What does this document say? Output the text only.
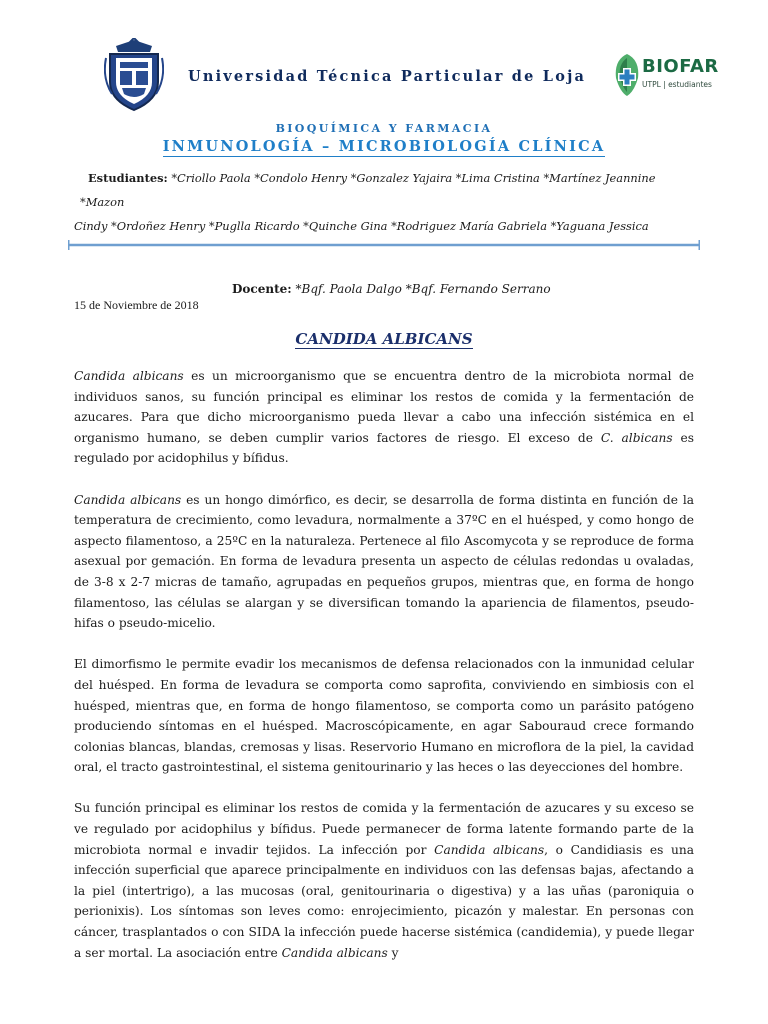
Universidad Técnica Particular de Loja	BIOFAR
UTPL | estudiantes
BIOQUÍMICA Y FARMACIA
INMUNOLOGÍA – MICROBIOLOGÍA CLÍNICA
Estudiantes: *Criollo Paola *Condolo Henry *Gonzalez Yajaira *Lima Cristina *Martínez Jeannine *Mazon
Cindy *Ordoñez Henry *Puglla Ricardo *Quinche Gina *Rodriguez María Gabriela *Yaguana Jessica
Docente: *Bqf. Paola Dalgo *Bqf. Fernando Serrano
15 de Noviembre de 2018
CANDIDA ALBICANS

Candida albicans es un microorganismo que se encuentra dentro de la microbiota normal de individuos sanos, su función principal es eliminar los restos de comida y la fermentación de azucares. Para que dicho microorganismo pueda llevar a cabo una infección sistémica en el organismo humano, se deben cumplir varios factores de riesgo. El exceso de C. albicans es regulado por acidophilus y bífidus.

Candida albicans es un hongo dimórfico, es decir, se desarrolla de forma distinta en función de la temperatura de crecimiento, como levadura, normalmente a 37ºC en el huésped, y como hongo de aspecto filamentoso, a 25ºC en la naturaleza. Pertenece al filo Ascomycota y se reproduce de forma asexual por gemación. En forma de levadura presenta un aspecto de células redondas u ovaladas, de 3-8 x 2-7 micras de tamaño, agrupadas en pequeños grupos, mientras que, en forma de hongo filamentoso, las células se alargan y se diversifican tomando la apariencia de filamentos, pseudo-hifas o pseudo-micelio.

El dimorfismo le permite evadir los mecanismos de defensa relacionados con la inmunidad celular del huésped. En forma de levadura se comporta como saprofita, conviviendo en simbiosis con el huésped, mientras que, en forma de hongo filamentoso, se comporta como un parásito patógeno produciendo síntomas en el huésped. Macroscópicamente, en agar Sabouraud crece formando colonias blancas, blandas, cremosas y lisas. Reservorio Humano en microflora de la piel, la cavidad oral, el tracto gastrointestinal, el sistema genitourinario y las heces o las deyecciones del hombre.

Su función principal es eliminar los restos de comida y la fermentación de azucares y su exceso se ve regulado por acidophilus y bífidus. Puede permanecer de forma latente formando parte de la microbiota normal e invadir tejidos. La infección por Candida albicans, o Candidiasis es una infección superficial que aparece principalmente en individuos con las defensas bajas, afectando a la piel (intertrigo), a las mucosas (oral, genitourinaria o digestiva) y a las uñas (paroniquia o perionixis). Los síntomas son leves como: enrojecimiento, picazón y malestar. En personas con cáncer, trasplantados o con SIDA la infección puede hacerse sistémica (candidemia), y puede llegar a ser mortal. La asociación entre Candida albicans y
